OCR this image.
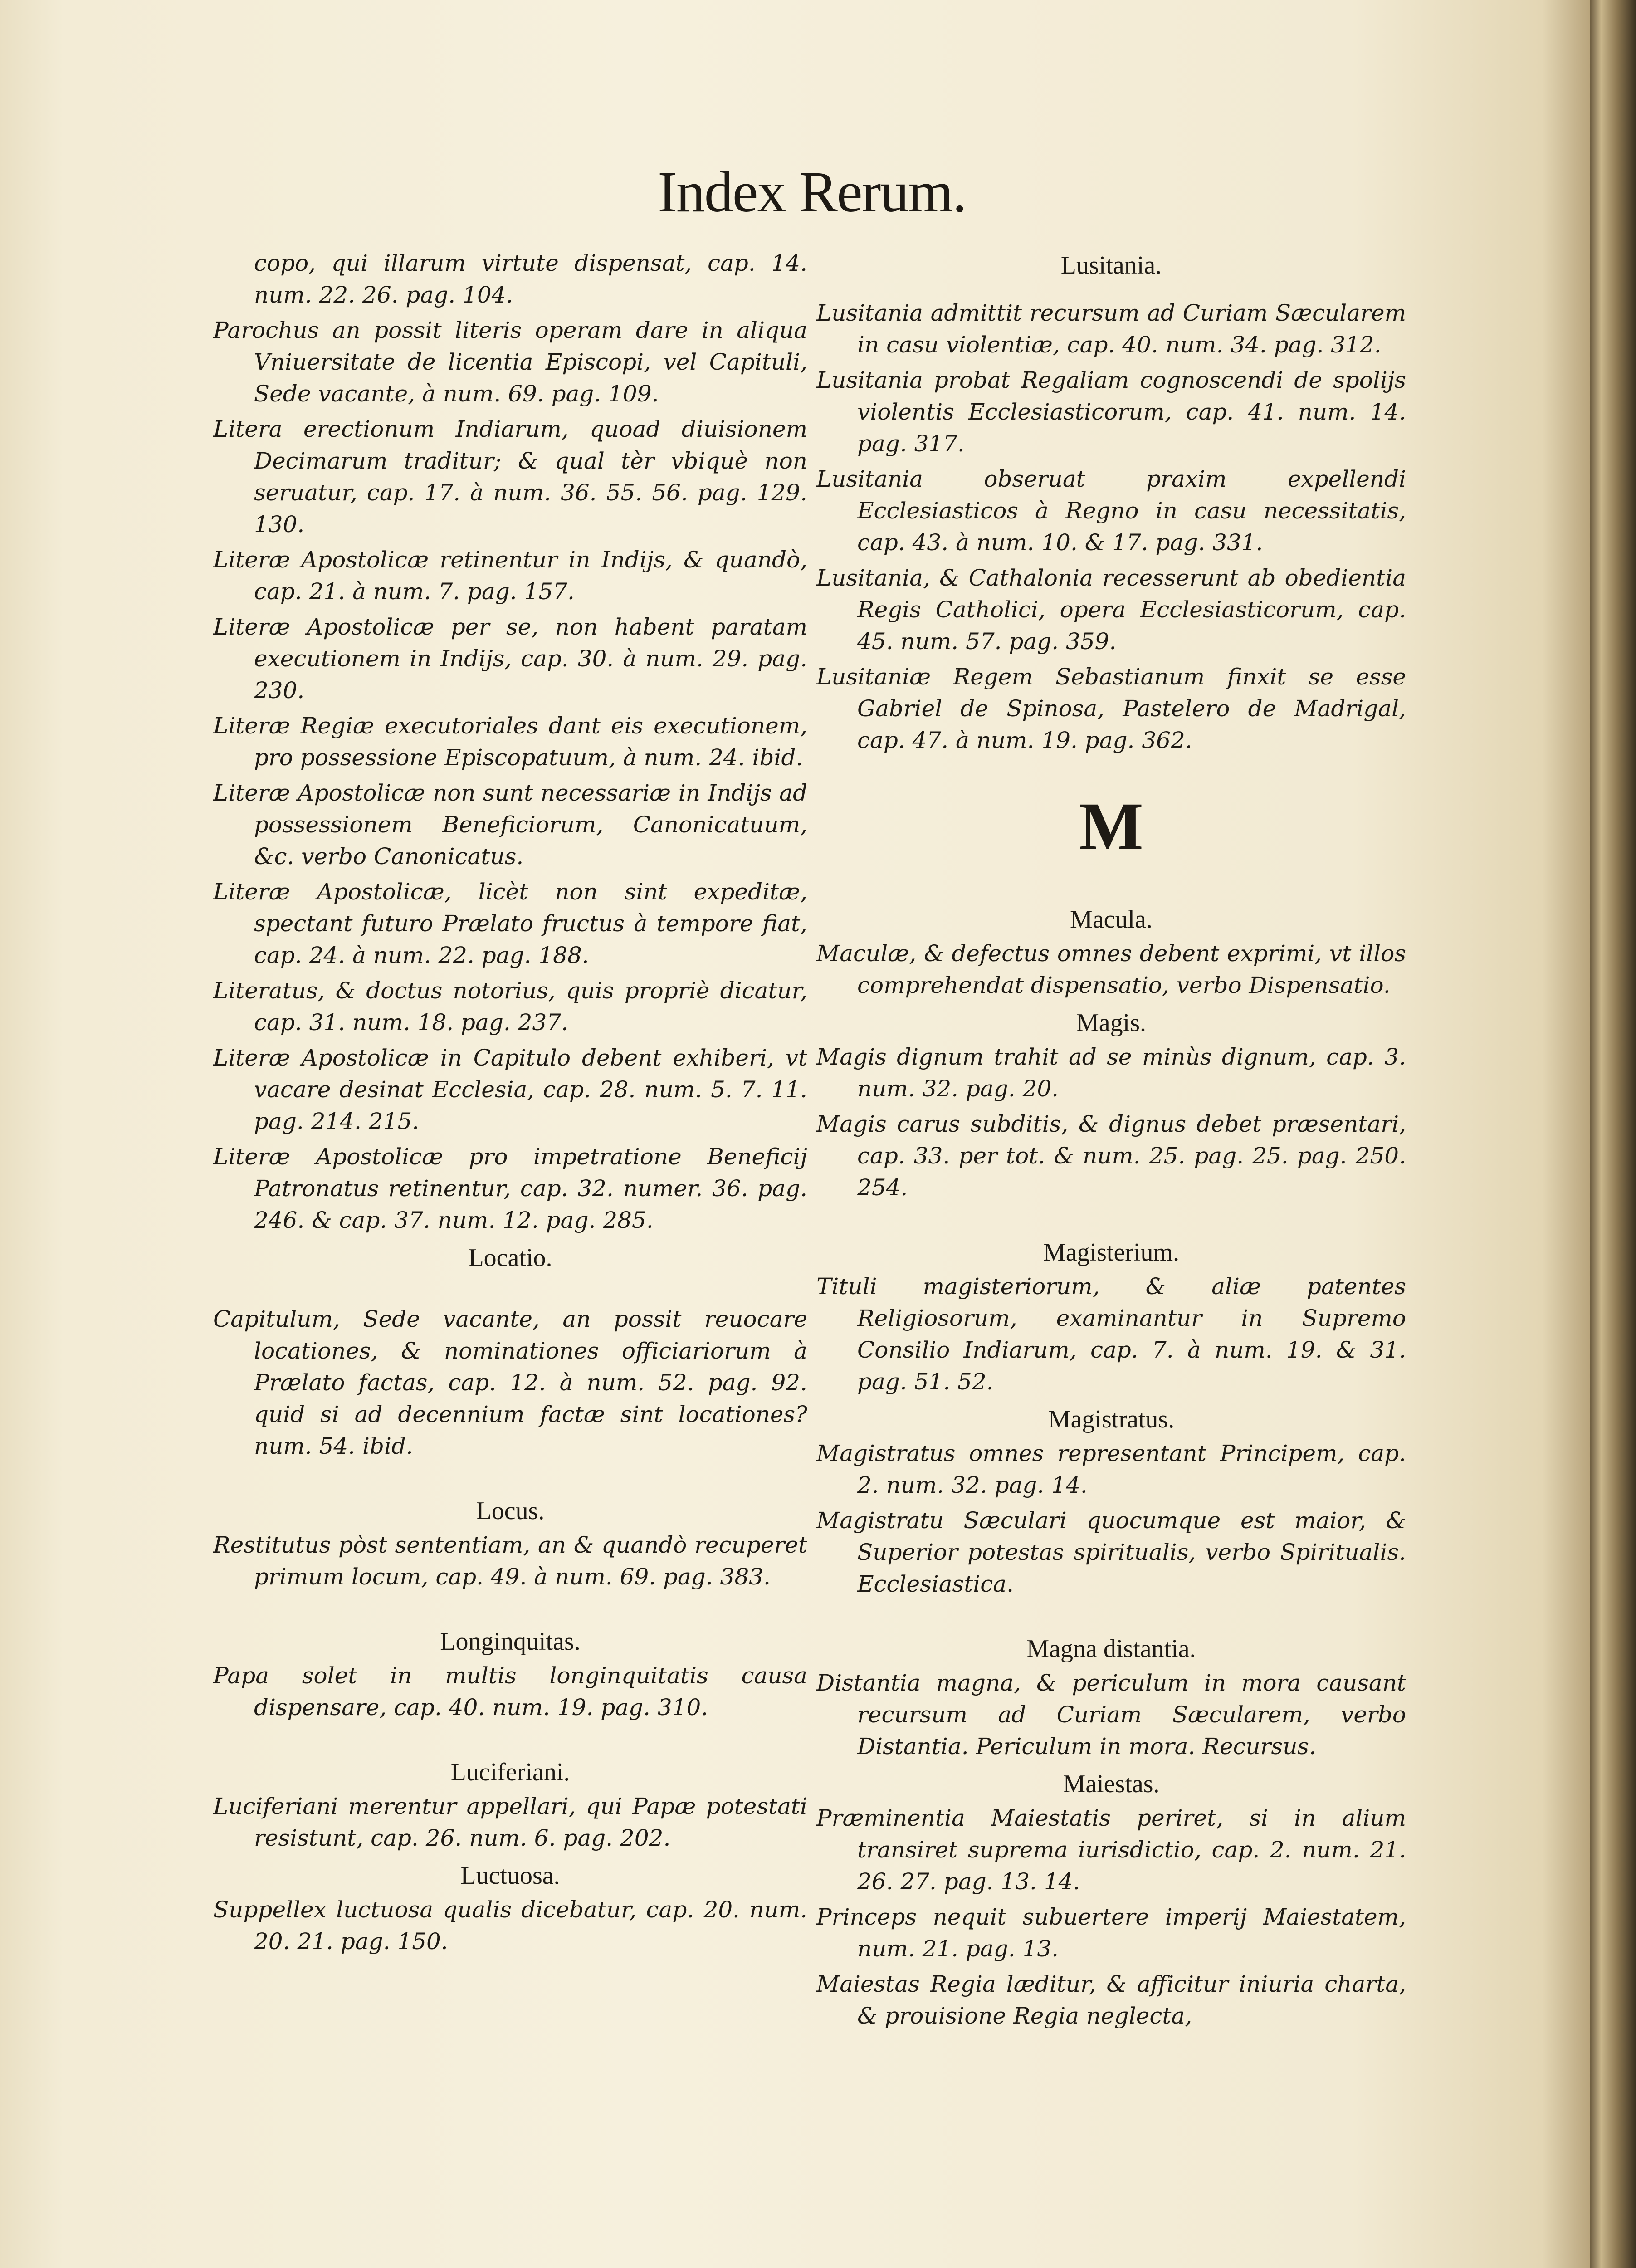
Index Rerum.

copo, qui illarum virtute dispensat, cap. 14. num. 22. 26. pag. 104.

Parochus an possit literis operam dare in aliqua Vniuersitate de licentia Episcopi, vel Capituli, Sede vacante, à num. 69. pag. 109.

Litera erectionum Indiarum, quoad diuisionem Decimarum traditur; & qual tèr vbiquè non seruatur, cap. 17. à num. 36. 55. 56. pag. 129. 130.

Literæ Apostolicæ retinentur in Indijs, & quandò, cap. 21. à num. 7. pag. 157.

Literæ Apostolicæ per se, non habent paratam executionem in Indijs, cap. 30. à num. 29. pag. 230.

Literæ Regiæ executoriales dant eis executionem, pro possessione Episcopatuum, à num. 24. ibid.

Literæ Apostolicæ non sunt necessariæ in Indijs ad possessionem Beneficiorum, Canonicatuum, &c. verbo Canonicatus.

Literæ Apostolicæ, licèt non sint expeditæ, spectant futuro Prælato fructus à tempore fiat, cap. 24. à num. 22. pag. 188.

Literatus, & doctus notorius, quis propriè dicatur, cap. 31. num. 18. pag. 237.

Literæ Apostolicæ in Capitulo debent exhiberi, vt vacare desinat Ecclesia, cap. 28. num. 5. 7. 11. pag. 214. 215.

Literæ Apostolicæ pro impetratione Beneficij Patronatus retinentur, cap. 32. numer. 36. pag. 246. & cap. 37. num. 12. pag. 285.

Locatio.

Capitulum, Sede vacante, an possit reuocare locationes, & nominationes officiariorum à Prælato factas, cap. 12. à num. 52. pag. 92. quid si ad decennium factæ sint locationes? num. 54. ibid.

Locus.

Restitutus pòst sententiam, an & quandò recuperet primum locum, cap. 49. à num. 69. pag. 383.

Longinquitas.

Papa solet in multis longinquitatis causa dispensare, cap. 40. num. 19. pag. 310.

Luciferiani.

Luciferiani merentur appellari, qui Papæ potestati resistunt, cap. 26. num. 6. pag. 202.

Luctuosa.

Suppellex luctuosa qualis dicebatur, cap. 20. num. 20. 21. pag. 150.

Lusitania.

Lusitania admittit recursum ad Curiam Sæcularem in casu violentiæ, cap. 40. num. 34. pag. 312.

Lusitania probat Regaliam cognoscendi de spolijs violentis Ecclesiasticorum, cap. 41. num. 14. pag. 317.

Lusitania obseruat praxim expellendi Ecclesiasticos à Regno in casu necessitatis, cap. 43. à num. 10. & 17. pag. 331.

Lusitania, & Cathalonia recesserunt ab obedientia Regis Catholici, opera Ecclesiasticorum, cap. 45. num. 57. pag. 359.

Lusitaniæ Regem Sebastianum finxit se esse Gabriel de Spinosa, Pastelero de Madrigal, cap. 47. à num. 19. pag. 362.

M

Macula.

Maculæ, & defectus omnes debent exprimi, vt illos comprehendat dispensatio, verbo Dispensatio.

Magis.

Magis dignum trahit ad se minùs dignum, cap. 3. num. 32. pag. 20.

Magis carus subditis, & dignus debet præsentari, cap. 33. per tot. & num. 25. pag. 25. pag. 250. 254.

Magisterium.

Tituli magisteriorum, & aliæ patentes Religiosorum, examinantur in Supremo Consilio Indiarum, cap. 7. à num. 19. & 31. pag. 51. 52.

Magistratus.

Magistratus omnes representant Principem, cap. 2. num. 32. pag. 14.

Magistratu Sæculari quocumque est maior, & Superior potestas spiritualis, verbo Spiritualis. Ecclesiastica.

Magna distantia.

Distantia magna, & periculum in mora causant recursum ad Curiam Sæcularem, verbo Distantia. Periculum in mora. Recursus.

Maiestas.

Præminentia Maiestatis periret, si in alium transiret suprema iurisdictio, cap. 2. num. 21. 26. 27. pag. 13. 14.

Princeps nequit subuertere imperij Maiestatem, num. 21. pag. 13.

Maiestas Regia læditur, & afficitur iniuria charta, & prouisione Regia neglecta,
